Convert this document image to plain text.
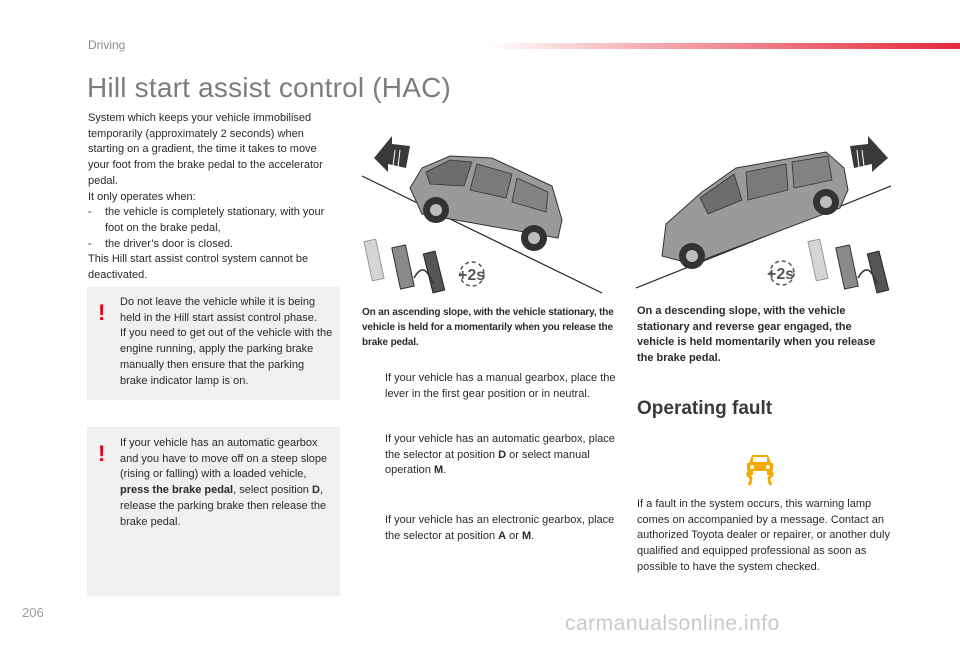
Driving
Hill start assist control (HAC)

System which keeps your vehicle immobilised temporarily (approximately 2 seconds) when starting on a gradient, the time it takes to move your foot from the brake pedal to the accelerator pedal.

It only operates when:

- the vehicle is completely stationary, with your foot on the brake pedal,

- the driver’s door is closed.

This Hill start assist control system cannot be deactivated.

! Do not leave the vehicle while it is being held in the Hill start assist control phase.

If you need to get out of the vehicle with the engine running, apply the parking brake manually then ensure that the parking brake indicator lamp is on.

! If your vehicle has an automatic gearbox and you have to move off on a steep slope (rising or falling) with a loaded vehicle, press the brake pedal, select position D, release the parking brake then release the brake pedal.

+2s	+2s
On an ascending slope, with the vehicle stationary, the vehicle is held for a momentarily when you release the brake pedal.
On a descending slope, with the vehicle stationary and reverse gear engaged, the vehicle is held momentarily when you release the brake pedal.
If your vehicle has a manual gearbox, place the lever in the first gear position or in neutral.
If your vehicle has an automatic gearbox, place the selector at position D or select manual operation M.
If your vehicle has an electronic gearbox, place the selector at position A or M.
Operating fault
If a fault in the system occurs, this warning lamp comes on accompanied by a message. Contact an authorized Toyota dealer or repairer, or another duly qualified and equipped professional as soon as possible to have the system checked.
206	carmanualsonline.info
